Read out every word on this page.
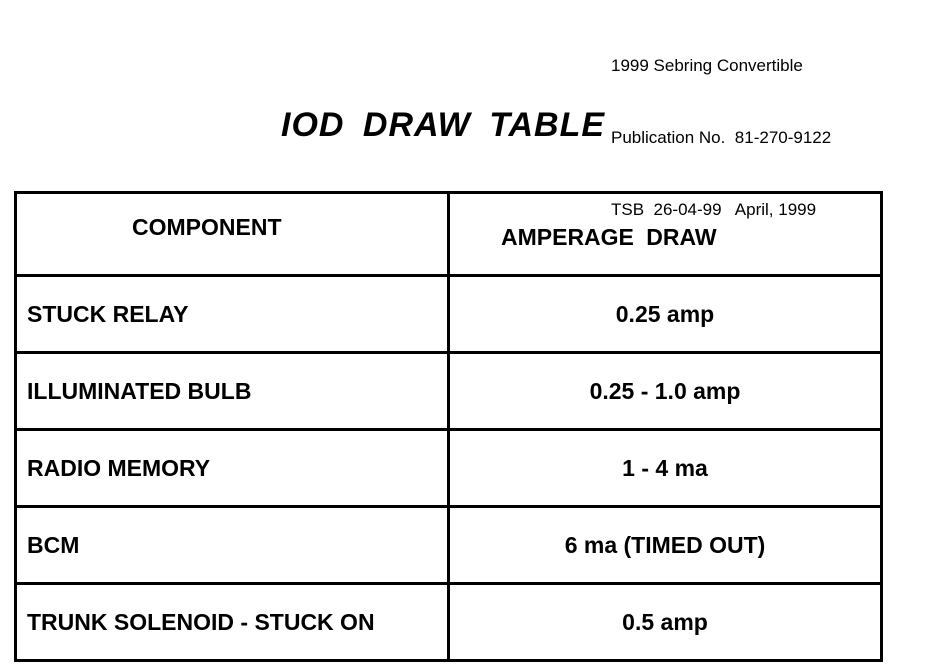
1999 Sebring Convertible

Publication No.  81-270-9122

TSB  26-04-99   April, 1999

IOD DRAW TABLE
COMPONENT	AMPERAGE DRAW
STUCK RELAY	0.25 amp
ILLUMINATED BULB	0.25 - 1.0 amp
RADIO MEMORY	1 - 4 ma
BCM	6 ma (TIMED OUT)
TRUNK SOLENOID - STUCK ON	0.5 amp
